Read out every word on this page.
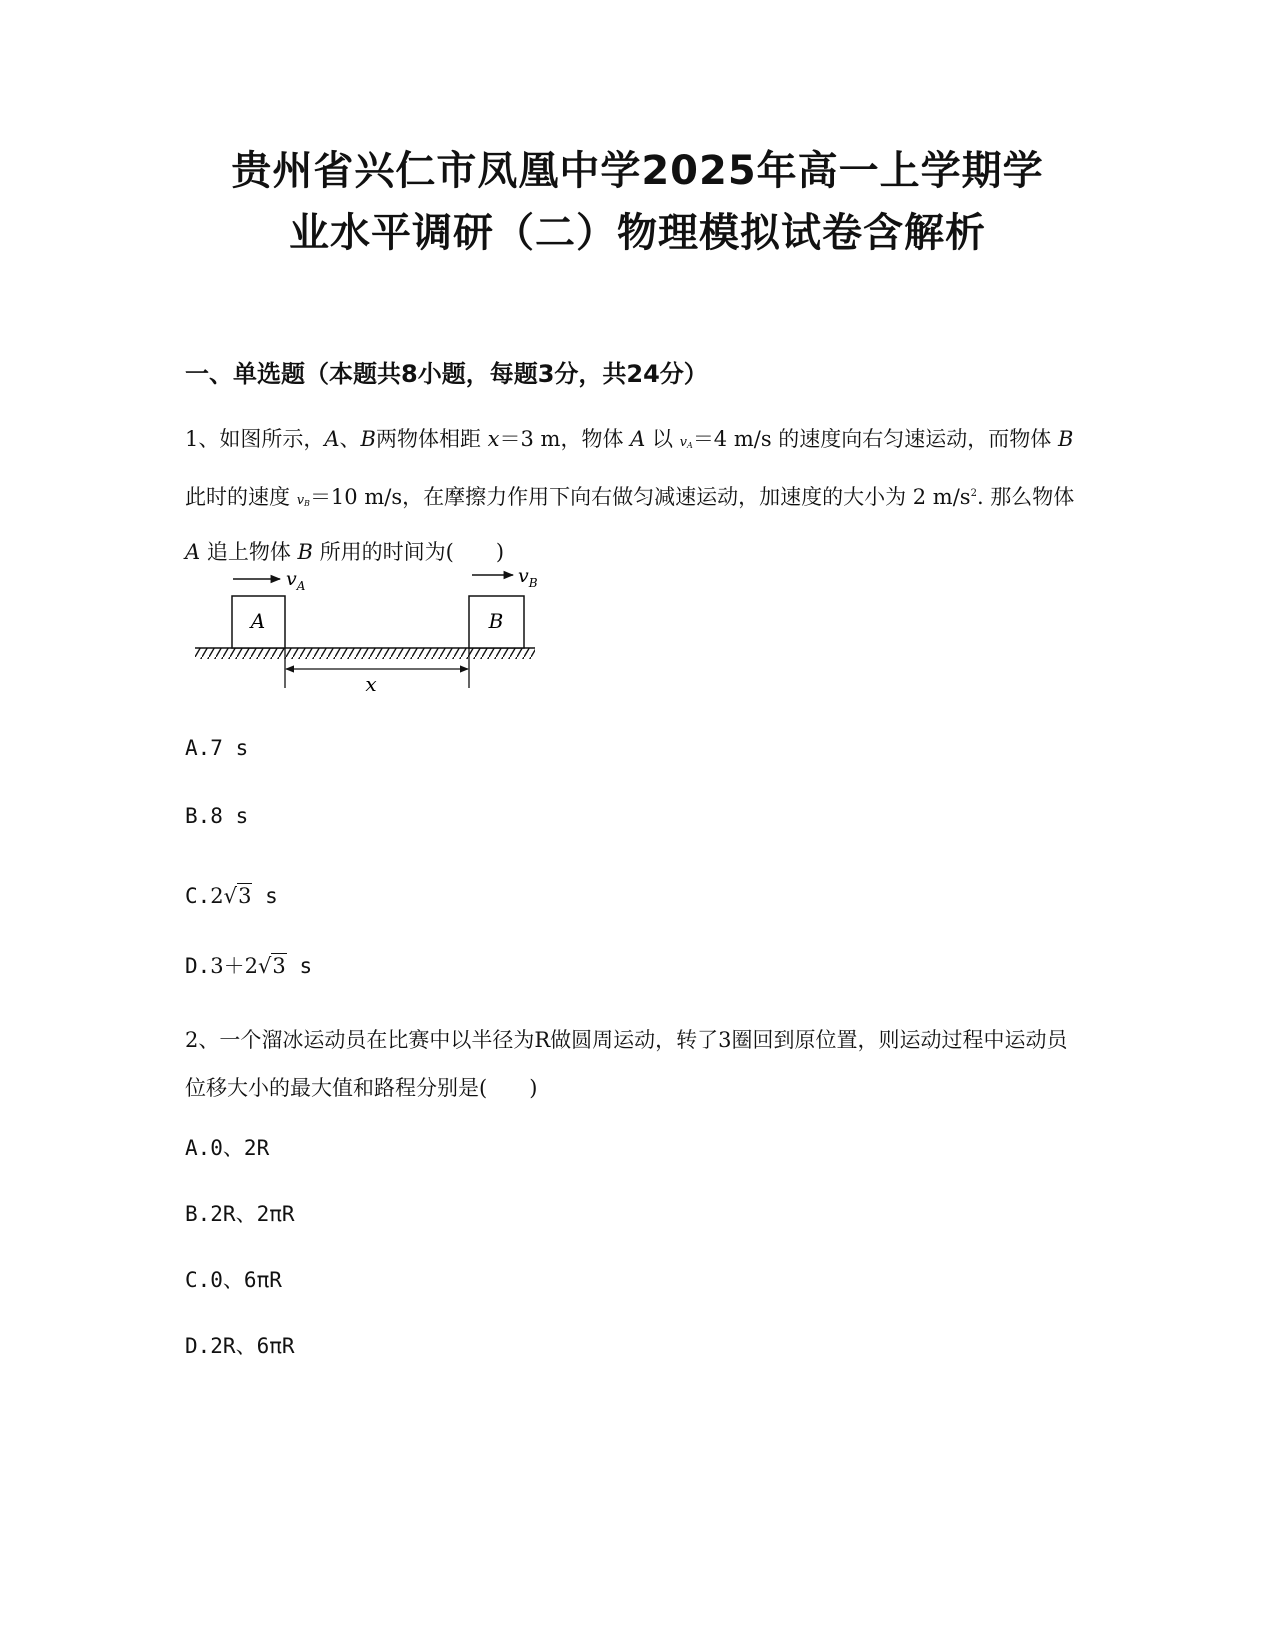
贵州省兴仁市凤凰中学2025年高一上学期学
业水平调研（二）物理模拟试卷含解析
一、单选题（本题共8小题，每题3分，共24分）

1、如图所示，A、B两物体相距 x＝3 m，物体 A 以 $v_A=4$ m/s 的速度向右匀速运动，而物体 B 此时的速度 $v_B=10$ m/s，在摩擦力作用下向右做匀减速运动，加速度的大小为 2 $m/s^2$. 那么物体 A 追上物体 B 所用的时间为(　　)

A	B
$v_A$	$v_B$
x

A.7 s

B.8 s

C.2√3 s

D.3＋2√3 s

2、一个溜冰运动员在比赛中以半径为R做圆周运动，转了3圈回到原位置，则运动过程中运动员位移大小的最大值和路程分别是(　　)

A.0、2R

B.2R、2πR

C.0、6πR

D.2R、6πR
